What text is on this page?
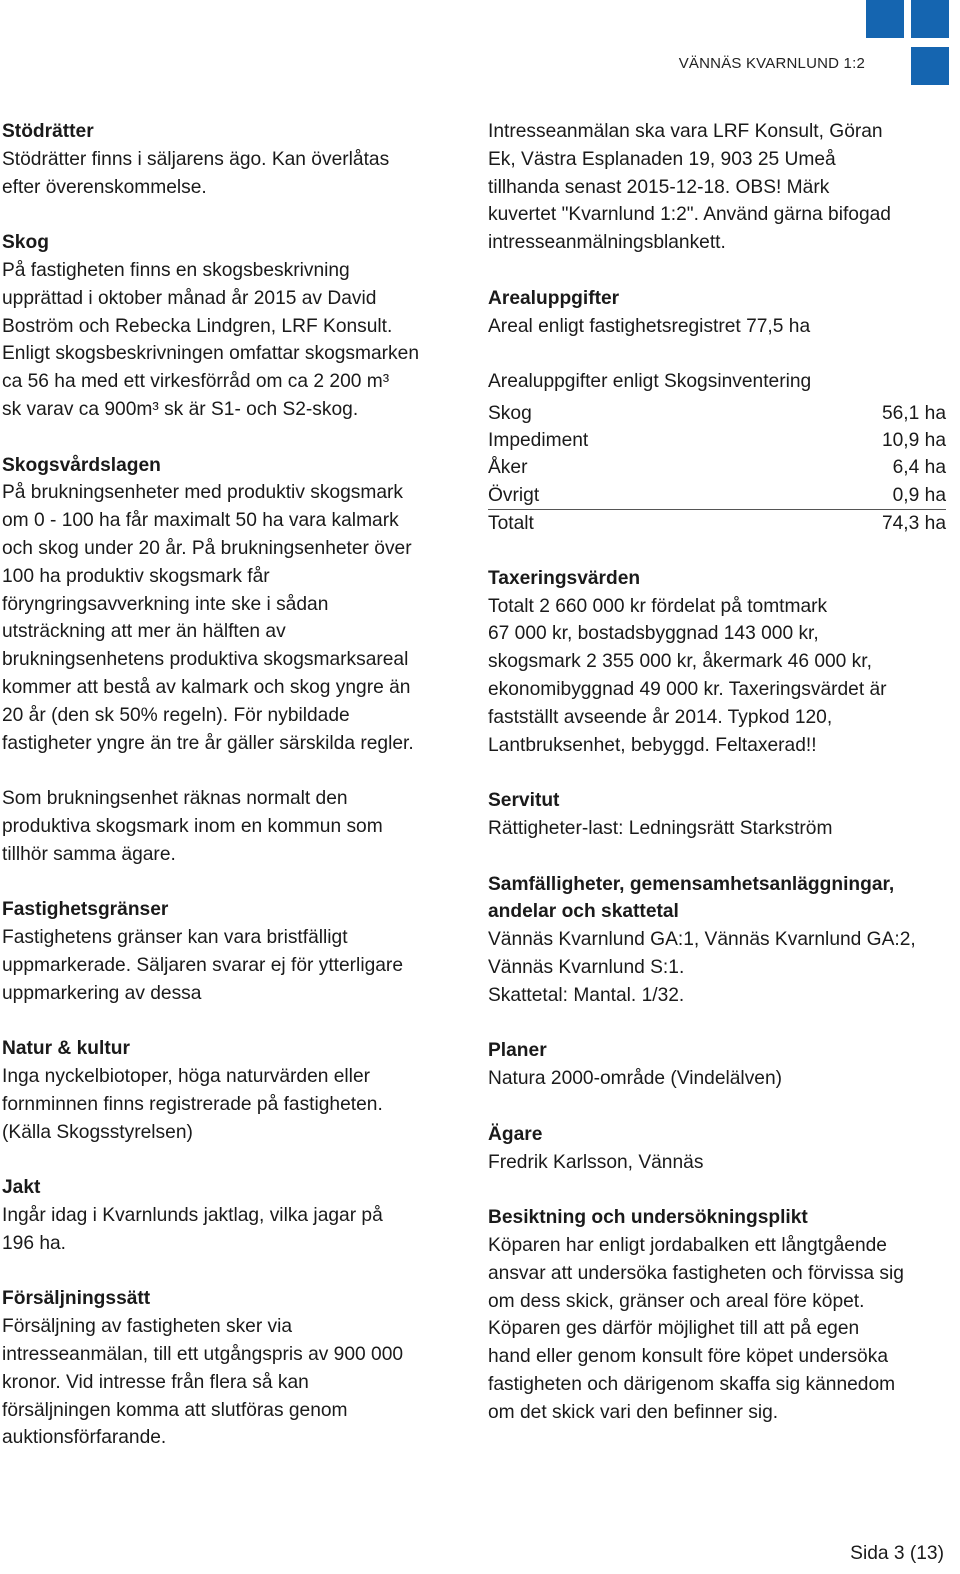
VÄNNÄS KVARNLUND 1:2
Stödrätter

Stödrätter finns i säljarens ägo. Kan överlåtas
efter överenskommelse.

Skog

På fastigheten finns en skogsbeskrivning
upprättad i oktober månad år 2015 av David
Boström och Rebecka Lindgren, LRF Konsult.
Enligt skogsbeskrivningen omfattar skogsmarken
ca 56 ha med ett virkesförråd om ca 2 200 m³
sk varav ca 900m³ sk är S1- och S2-skog.

Skogsvårdslagen

På brukningsenheter med produktiv skogsmark
om 0 - 100 ha får maximalt 50 ha vara kalmark
och skog under 20 år. På brukningsenheter över
100 ha produktiv skogsmark får
föryngringsavverkning inte ske i sådan
utsträckning att mer än hälften av
brukningsenhetens produktiva skogsmarksareal
kommer att bestå av kalmark och skog yngre än
20 år (den sk 50% regeln). För nybildade
fastigheter yngre än tre år gäller särskilda regler.

Som brukningsenhet räknas normalt den
produktiva skogsmark inom en kommun som
tillhör samma ägare.

Fastighetsgränser

Fastighetens gränser kan vara bristfälligt
uppmarkerade. Säljaren svarar ej för ytterligare
uppmarkering av dessa

Natur & kultur

Inga nyckelbiotoper, höga naturvärden eller
fornminnen finns registrerade på fastigheten.
(Källa Skogsstyrelsen)

Jakt

Ingår idag i Kvarnlunds jaktlag, vilka jagar på
196 ha.

Försäljningssätt

Försäljning av fastigheten sker via
intresseanmälan, till ett utgångspris av 900 000
kronor. Vid intresse från flera så kan
försäljningen komma att slutföras genom
auktionsförfarande.

Intresseanmälan ska vara LRF Konsult, Göran
Ek, Västra Esplanaden 19, 903 25 Umeå
tillhanda senast 2015-12-18. OBS! Märk
kuvertet "Kvarnlund 1:2". Använd gärna bifogad
intresseanmälningsblankett.

Arealuppgifter

Areal enligt fastighetsregistret 77,5 ha

Arealuppgifter enligt Skogsinventering

Skog	56,1 ha
Impediment	10,9 ha
Åker	6,4 ha
Övrigt	0,9 ha
Totalt	74,3 ha
Taxeringsvärden

Totalt 2 660 000 kr fördelat på tomtmark
67 000 kr, bostadsbyggnad 143 000 kr,
skogsmark 2 355 000 kr, åkermark 46 000 kr,
ekonomibyggnad 49 000 kr. Taxeringsvärdet är
fastställt avseende år 2014. Typkod 120,
Lantbruksenhet, bebyggd. Feltaxerad!!

Servitut

Rättigheter-last: Ledningsrätt Starkström

Samfälligheter, gemensamhetsanläggningar,
andelar och skattetal

Vännäs Kvarnlund GA:1, Vännäs Kvarnlund GA:2,
Vännäs Kvarnlund S:1.
Skattetal: Mantal. 1/32.

Planer

Natura 2000-område (Vindelälven)

Ägare

Fredrik Karlsson, Vännäs

Besiktning och undersökningsplikt

Köparen har enligt jordabalken ett långtgående
ansvar att undersöka fastigheten och förvissa sig
om dess skick, gränser och areal före köpet.
Köparen ges därför möjlighet till att på egen
hand eller genom konsult före köpet undersöka
fastigheten och därigenom skaffa sig kännedom
om det skick vari den befinner sig.

Sida 3 (13)
